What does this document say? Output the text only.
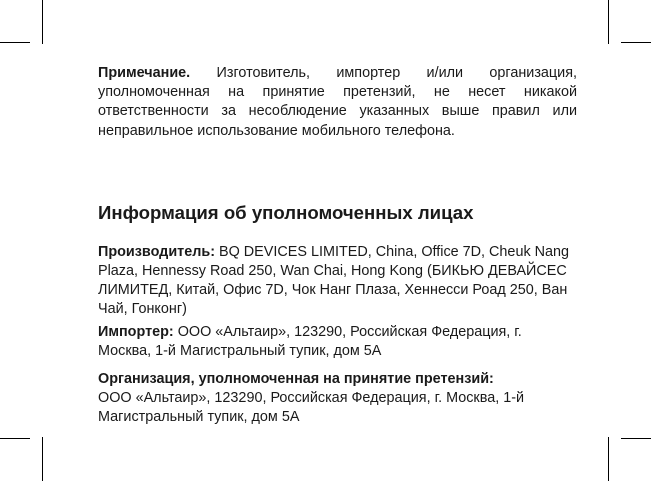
Примечание. Изготовитель, импортер и/или организация, уполномоченная на принятие претензий, не несет никакой ответственности за несоблюдение указанных выше правил или неправильное использование мобильного телефона.

Информация об уполномоченных лицах

Производитель: BQ DEVICES LIMITED, China, Office 7D, Cheuk Nang Plaza, Hennessy Road 250, Wan Chai, Hong Kong (БИКЬЮ ДЕВАЙСЕС ЛИМИТЕД, Китай, Офис 7D, Чок Нанг Плаза, Хеннесси Роад 250, Ван Чай, Гонконг)

Импортер: ООО «Альтаир», 123290, Российская Федерация, г. Москва, 1-й Магистральный тупик, дом 5А

Организация, уполномоченная на принятие претензий:

ООО «Альтаир», 123290, Российская Федерация, г. Москва, 1-й Магистральный тупик, дом 5А
